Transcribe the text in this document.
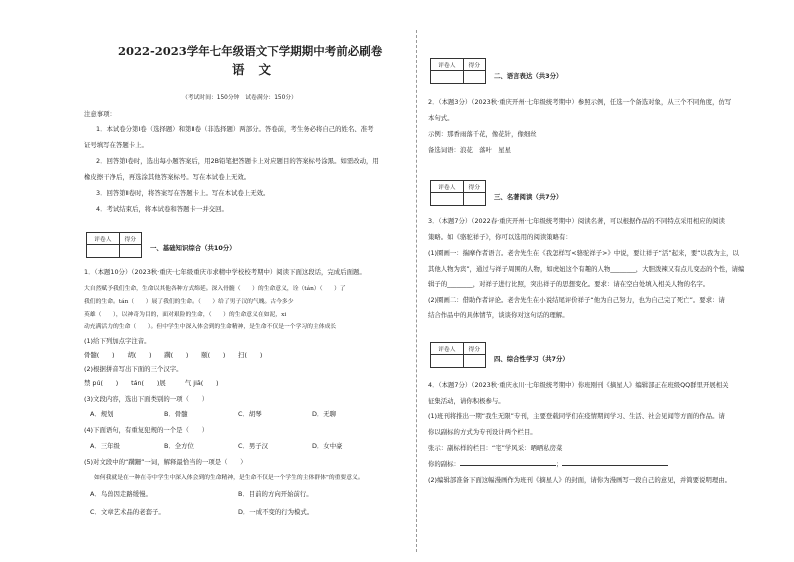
2022-2023学年七年级语文下学期期中考前必刷卷
语文
（考试时间：150分钟　试卷满分：150分）
注意事项：
1．本试卷分第Ⅰ卷（选择题）和第Ⅱ卷（非选择题）两部分。答卷前，考生务必将自己的姓名、准考
证号填写在答题卡上。
2．回答第Ⅰ卷时，选出每小题答案后，用2B铅笔把答题卡上对应题目的答案标号涂黑。如需改动，用
橡皮擦干净后，再选涂其他答案标号。写在本试卷上无效。
3．回答第Ⅱ卷时，将答案写在答题卡上。写在本试卷上无效。
4．考试结束后，将本试卷和答题卡一并交回。
评卷人	得分

一、基础知识综合（共10分）
1．（本题10分）（2023秋·重庆·七年级重庆市求精中学校校考期中）阅读下面这段话，完成后面题。
大自然赋予我们生命，生命以其他各种方式绵延。深入骨髓（　　）的生命意义，诠（tán）（　　）了
我们的生命。tán（　　）展了我们的生命。（　　）给了男子汉的气魄。古今多少
英雄（　　），以神奇为目的，面对艰险的生命，（　　）的生命意义在如泥，xi
动充满活力的生命（　　）。但中学生中深入体会到的生命精神，是生命不仅是一个学习的主体成长
(1)给下列加点字注音。
骨髓(　　)　　胡(　　)　　蹒(　　)　　颐(　　)　　扫(　　)
(2)根据拼音写出下面的三个汉字。
禁 pú(　　)　　tán(　　)展　　　气 jiā(　　)
(3)文段内容，选出下面类别的一项（　　）
A．规划	B．骨髓	C．胡琴	D．无聊
(4)下面语句，有重复犯规的一个是（　　）
A．三年级	B．全方位	C．男子汉	D．女中豪
(5)对文段中的“蹒跚”一词，解释最恰当的一项是（　　）
如何我就是在一种在寺中学生中深入体会到的生命精神，是生命不仅是一个学生的主体群体”的重要意义。
A．鸟兽因走路缓慢。	B．目前的方向开始前行。
C．文章艺术品的老套子。	D．一成不变的行为模式。
评卷人	得分

二、语言表达（共3分）
2．（本题3分）（2023秋·重庆开州·七年级统考期中）参照示例，任选一个备选对象，从三个不同角度，仿写
本句式。
示例：那香雨落千花，像花针，像细丝
备选词语：浪花　落叶　星星
评卷人	得分

三、名著阅读（共7分）
3．（本题7分）（2022春·重庆开州·七年级统考期中）阅读名著，可以根据作品的不同特点采用相应的阅读
策略。如《骆驼祥子》，你可以选用的阅读策略有：
(1)圈画一：揣摩作者语言。老舍先生在《我怎样写<骆驼祥子>》中说，要让祥子“活”起来，要“以我为主，以
其他人物为宾”，通过与祥子周围的人物，如虎妞这个有趣的人物________，大胆泼辣又有点儿变态的个性，请编
辑子的________，对祥子进行比照，突出祥子的思想变化。要求：请在空白处填入相关人物的名字。
(2)圈画二：借助作者评论。老舍先生在小说结尾评价祥子“他为自己努力，也为自己完了死亡”。要求：请
结合作品中的具体情节，谈谈你对这句话的理解。
评卷人	得分

四、综合性学习（共7分）
4．（本题7分）（2023秋·重庆永川·七年级统考期中）你班刚刊《摘星人》编辑部正在班级QQ群里开展相关
征集活动，请你积极参与。
(1)班刊将推出一期“我生无限”专刊，主要登载同学们在疫情期间学习、生活、社会见闻等方面的作品。请
你以副标的方式为专刊设计两个栏目。
张示：副标样的栏目：“宅”学风采：晒晒私房菜
你的副标：	；
(2)编辑部准备下面这幅漫画作为班刊《摘星人》的封面，请你为漫画写一段自己的意见，并简要说明理由。
